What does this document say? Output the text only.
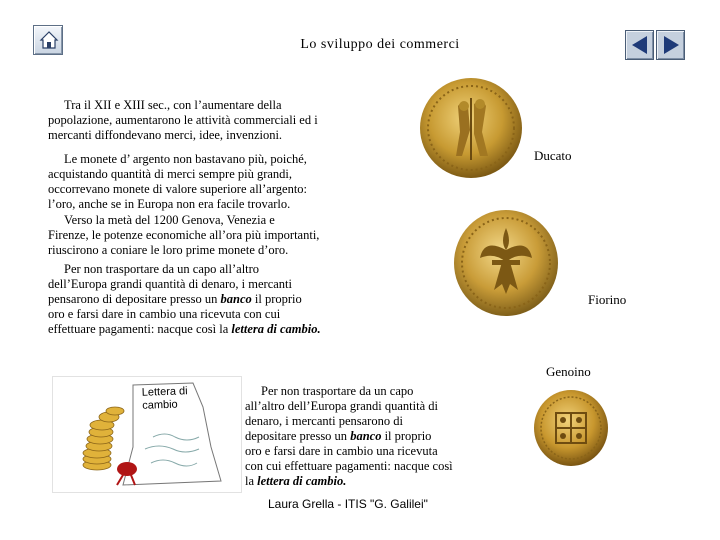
Lo sviluppo dei commerci

Tra il XII e XIII sec., con l’aumentare della
popolazione, aumentarono le attività commerciali ed i
mercanti diffondevano merci, idee, invenzioni.

Le monete d’ argento non bastavano più, poiché,
acquistando quantità di merci sempre più grandi,
occorrevano monete di valore superiore all’argento:
l’oro, anche se in Europa non era facile trovarlo.

Verso la metà del 1200 Genova, Venezia e
Firenze, le potenze economiche all’ora più importanti,
riuscirono a coniare le loro prime monete d’oro.

Per non trasportare da un capo all’altro
dell’Europa grandi quantità di denaro, i mercanti
pensarono di depositare presso un banco il proprio
oro e farsi dare in cambio una ricevuta con cui
effettuare pagamenti: nacque così la lettera di cambio.

Ducato
Fiorino
Genoino
Lettera di
cambio

Per non trasportare da un capo
all’altro dell’Europa grandi quantità di
denaro, i mercanti pensarono di
depositare presso un banco il proprio
oro e farsi dare in cambio una ricevuta
con cui effettuare pagamenti: nacque così
la lettera di cambio.

Laura Grella - ITIS "G. Galilei"
